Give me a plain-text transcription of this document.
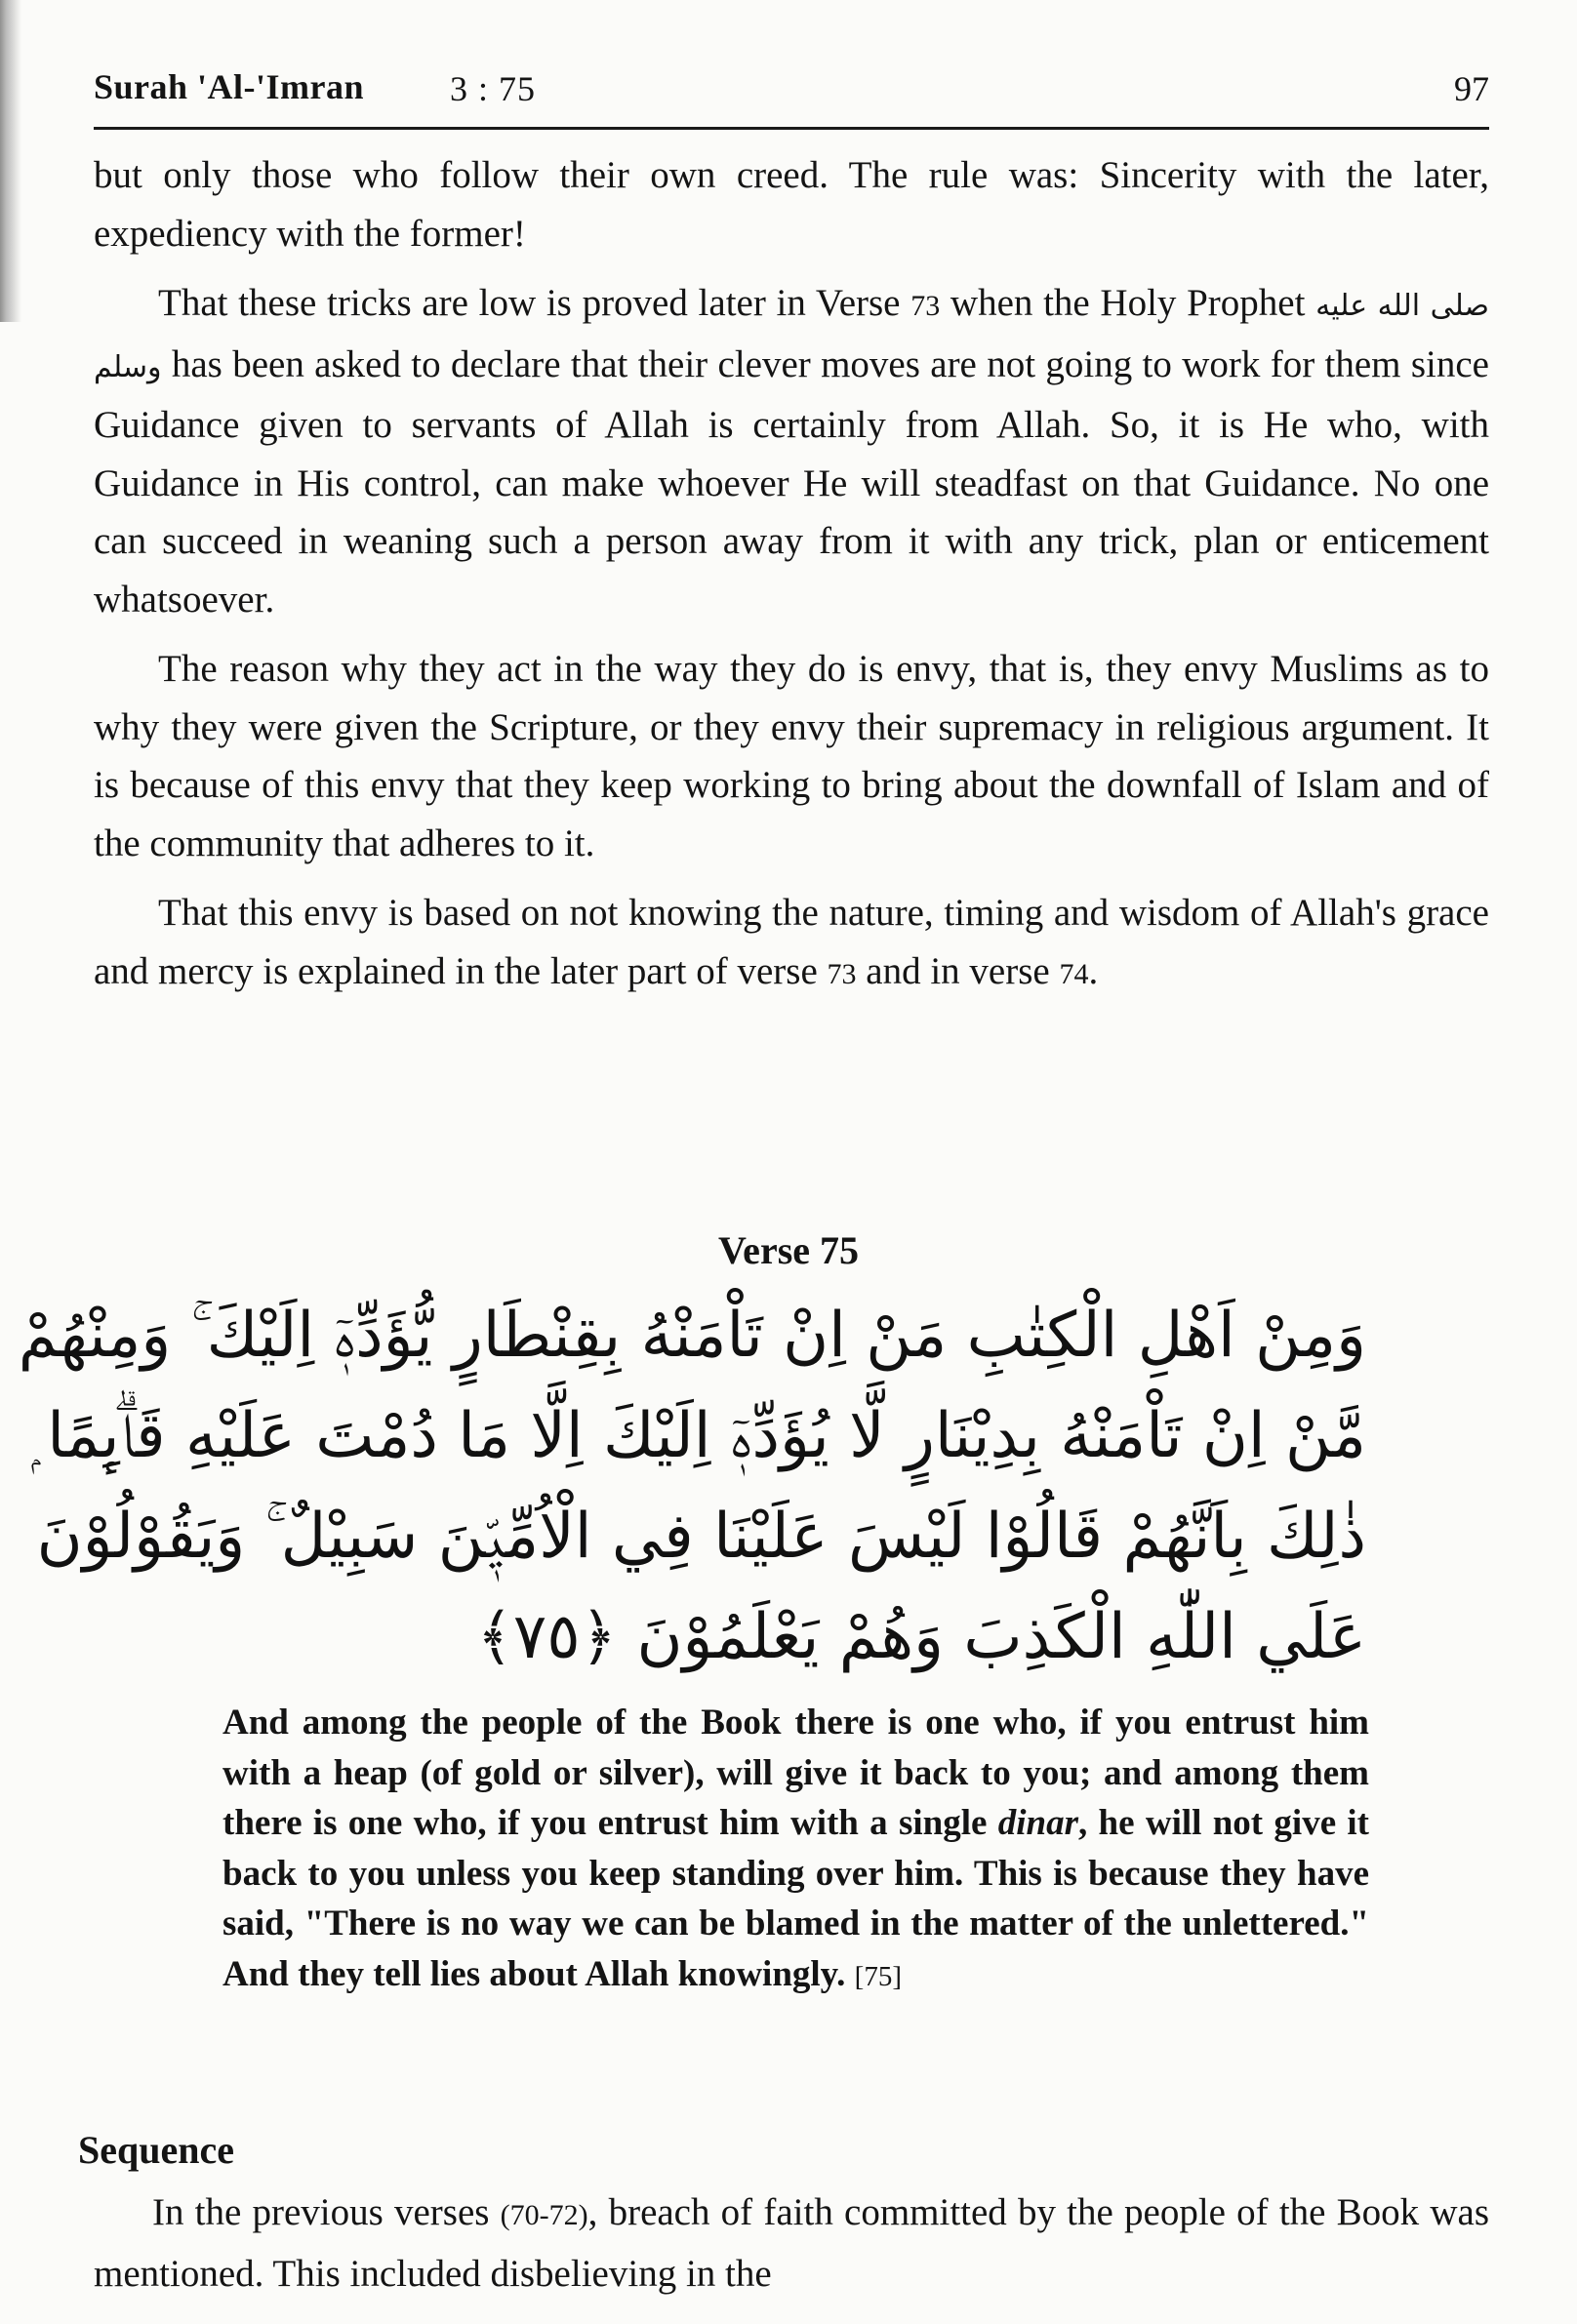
Surah 'Al-'Imran 3 : 75	97

but only those who follow their own creed. The rule was: Sincerity with the later, expediency with the former!

That these tricks are low is proved later in Verse 73 when the Holy Prophet صلى الله عليه وسلم has been asked to declare that their clever moves are not going to work for them since Guidance given to servants of Allah is certainly from Allah. So, it is He who, with Guidance in His control, can make whoever He will steadfast on that Guidance. No one can succeed in weaning such a person away from it with any trick, plan or enticement whatsoever.

The reason why they act in the way they do is envy, that is, they envy Muslims as to why they were given the Scripture, or they envy their supremacy in religious argument. It is because of this envy that they keep working to bring about the downfall of Islam and of the community that adheres to it.

That this envy is based on not knowing the nature, timing and wisdom of Allah's grace and mercy is explained in the later part of verse 73 and in verse 74.

Verse 75
وَمِنْ اَهْلِ الْكِتٰبِ مَنْ اِنْ تَاْمَنْهُ بِقِنْطَارٍ يُّؤَدِّهٖٓ اِلَيْكَ ۚ وَمِنْهُمْ
مَّنْ اِنْ تَاْمَنْهُ بِدِيْنَارٍ لَّا يُؤَدِّهٖٓ اِلَيْكَ اِلَّا مَا دُمْتَ عَلَيْهِ قَاۗىِٕمًا ۭ
ذٰلِكَ بِاَنَّھُمْ قَالُوْا لَيْسَ عَلَيْنَا فِي الْاُمِّيّٖنَ سَبِيْلٌ ۚ وَيَقُوْلُوْنَ
عَلَي اللّٰهِ الْكَذِبَ وَھُمْ يَعْلَمُوْنَ ﴿٧٥﴾
And among the people of the Book there is one who, if you entrust him with a heap (of gold or silver), will give it back to you; and among them there is one who, if you entrust him with a single dinar, he will not give it back to you unless you keep standing over him. This is because they have said, "There is no way we can be blamed in the matter of the unlettered." And they tell lies about Allah knowingly. [75]
Sequence

In the previous verses (70-72), breach of faith committed by the people of the Book was mentioned. This included disbelieving in the
